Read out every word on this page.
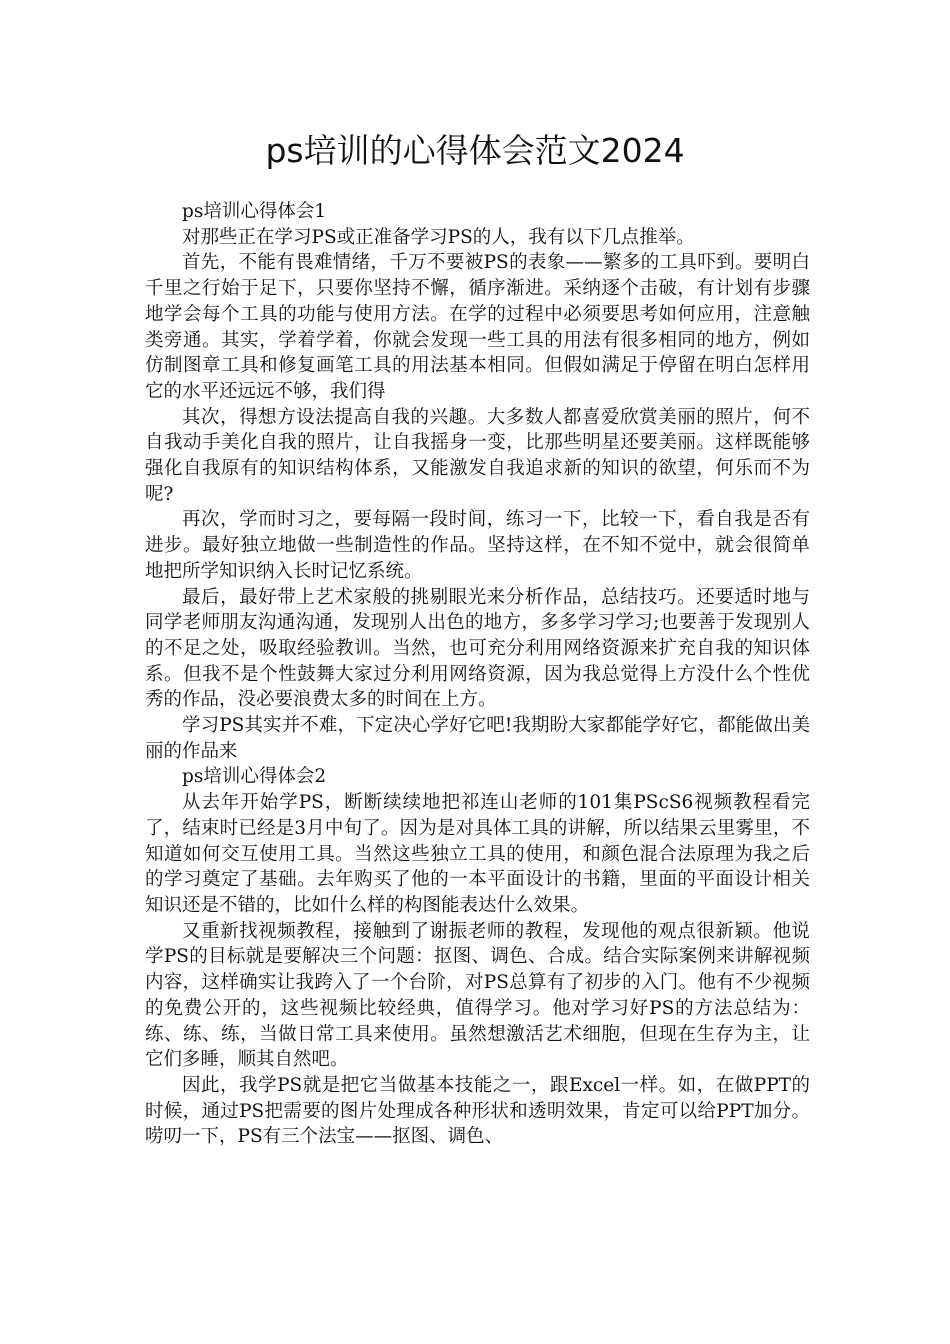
ps培训的心得体会范文2024

ps培训心得体会1

对那些正在学习PS或正准备学习PS的人，我有以下几点推举。

首先，不能有畏难情绪，千万不要被PS的表象——繁多的工具吓到。要明白千里之行始于足下，只要你坚持不懈，循序渐进。采纳逐个击破，有计划有步骤地学会每个工具的功能与使用方法。在学的过程中必须要思考如何应用，注意触类旁通。其实，学着学着，你就会发现一些工具的用法有很多相同的地方，例如仿制图章工具和修复画笔工具的用法基本相同。但假如满足于停留在明白怎样用它的水平还远远不够，我们得

其次，得想方设法提高自我的兴趣。大多数人都喜爱欣赏美丽的照片，何不自我动手美化自我的照片，让自我摇身一变，比那些明星还要美丽。这样既能够强化自我原有的知识结构体系，又能激发自我追求新的知识的欲望，何乐而不为呢?

再次，学而时习之，要每隔一段时间，练习一下，比较一下，看自我是否有进步。最好独立地做一些制造性的作品。坚持这样，在不知不觉中，就会很简单地把所学知识纳入长时记忆系统。

最后，最好带上艺术家般的挑剔眼光来分析作品，总结技巧。还要适时地与同学老师朋友沟通沟通，发现别人出色的地方，多多学习学习;也要善于发现别人的不足之处，吸取经验教训。当然，也可充分利用网络资源来扩充自我的知识体系。但我不是个性鼓舞大家过分利用网络资源，因为我总觉得上方没什么个性优秀的作品，没必要浪费太多的时间在上方。

学习PS其实并不难，下定决心学好它吧!我期盼大家都能学好它，都能做出美丽的作品来

ps培训心得体会2

从去年开始学PS，断断续续地把祁连山老师的101集PScS6视频教程看完了，结束时已经是3月中旬了。因为是对具体工具的讲解，所以结果云里雾里，不知道如何交互使用工具。当然这些独立工具的使用，和颜色混合法原理为我之后的学习奠定了基础。去年购买了他的一本平面设计的书籍，里面的平面设计相关知识还是不错的，比如什么样的构图能表达什么效果。

又重新找视频教程，接触到了谢振老师的教程，发现他的观点很新颖。他说学PS的目标就是要解决三个问题：抠图、调色、合成。结合实际案例来讲解视频内容，这样确实让我跨入了一个台阶，对PS总算有了初步的入门。他有不少视频的免费公开的，这些视频比较经典，值得学习。他对学习好PS的方法总结为：练、练、练，当做日常工具来使用。虽然想激活艺术细胞，但现在生存为主，让它们多睡，顺其自然吧。

因此，我学PS就是把它当做基本技能之一，跟Excel一样。如，在做PPT的时候，通过PS把需要的图片处理成各种形状和透明效果，肯定可以给PPT加分。唠叨一下，PS有三个法宝——抠图、调色、
